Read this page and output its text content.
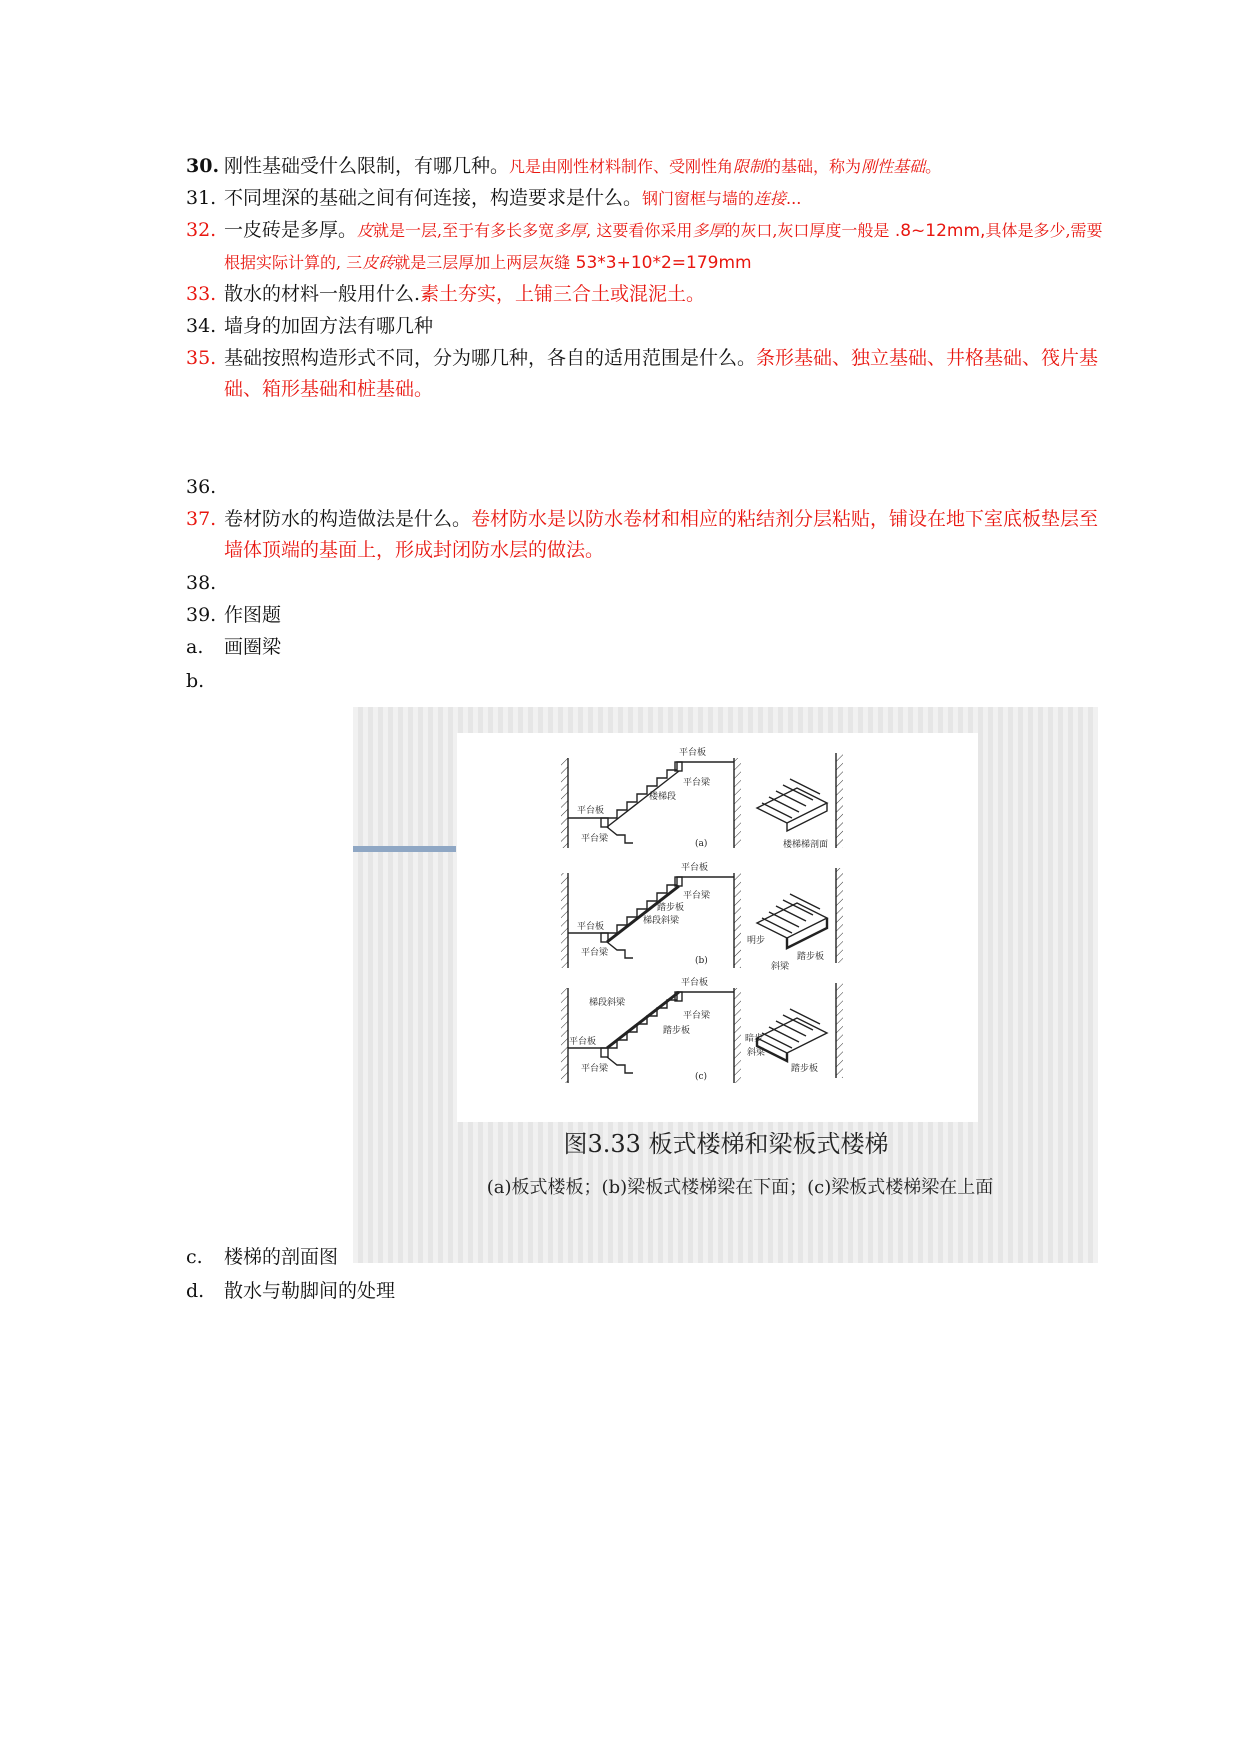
30. 刚性基础受什么限制，有哪几种。凡是由刚性材料制作、受刚性角限制的基础，称为刚性基础。
31. 不同埋深的基础之间有何连接，构造要求是什么。钢门窗框与墙的连接...
32. 一皮砖是多厚。皮就是一层,至于有多长多宽多厚, 这要看你采用多厚的灰口,灰口厚度一般是 .8~12mm,具体是多少,需要
根据实际计算的, 三皮砖就是三层厚加上两层灰缝 53*3+10*2=179mm
33. 散水的材料一般用什么.素土夯实，上铺三合土或混泥土。
34. 墙身的加固方法有哪几种
35. 基础按照构造形式不同，分为哪几种，各自的适用范围是什么。条形基础、独立基础、井格基础、筏片基
础、箱形基础和桩基础。
36.
37. 卷材防水的构造做法是什么。卷材防水是以防水卷材和相应的粘结剂分层粘贴，铺设在地下室底板垫层至
墙体顶端的基面上，形成封闭防水层的做法。
38.
39. 作图题
a.	画圈梁
b.
平台板
平台梁
楼梯段
平台板
平台梁	(a)	楼梯梯剖面
平台板
平台梁
踏步板
梯段斜梁
平台板
平台梁
(b)
明步
踏步板
斜梁
平台板
梯段斜梁
平台梁
踏步板
平台板
平台梁
(c)
暗步
斜梁
踏步板
图3.33 板式楼梯和梁板式楼梯
(a)板式楼板；(b)梁板式楼梯梁在下面；(c)梁板式楼梯梁在上面
c.	楼梯的剖面图
d.	散水与勒脚间的处理
